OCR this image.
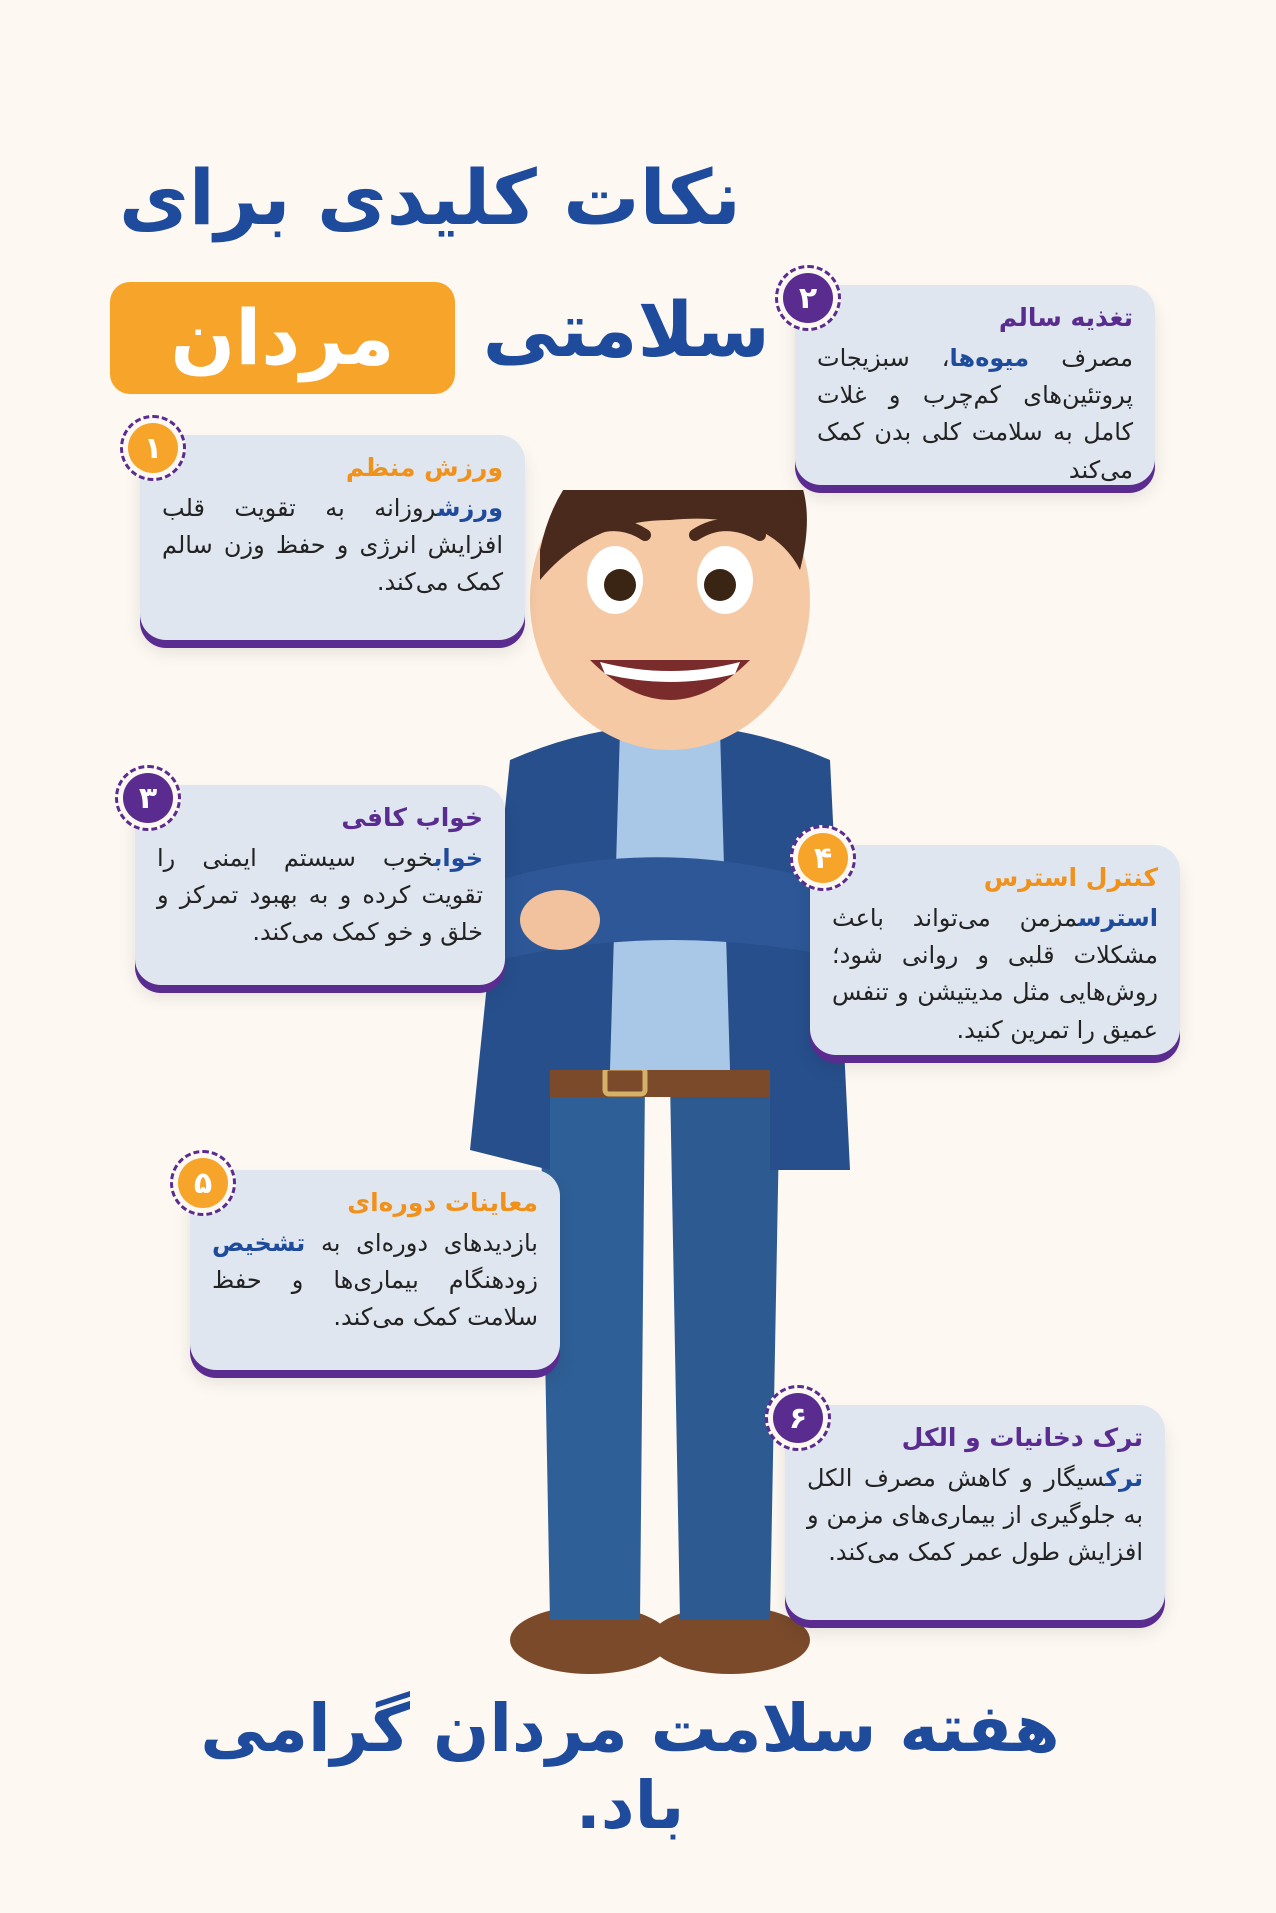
نکات کلیدی برای
سلامتی
مردان
ورزش منظم
ورزشروزانه به تقویت قلب افزایش انرژی و حفظ وزن سالم کمک می‌کند.
۱
تغذیه سالم
مصرف میوه‌ها، سبزیجات پروتئین‌های کم‌چرب و غلات کامل به سلامت کلی بدن کمک می‌کند
۲
خواب کافی
خوابخوب سیستم ایمنی را تقویت کرده و به بهبود تمرکز و خلق و خو کمک می‌کند.
۳
کنترل استرس
استرسمزمن می‌تواند باعث مشکلات قلبی و روانی شود؛ روش‌هایی مثل مدیتیشن و تنفس عمیق را تمرین کنید.
۴
معاینات دوره‌ای
بازدیدهای دوره‌ای به تشخیص زودهنگام بیماری‌ها و حفظ سلامت کمک می‌کند.
۵
ترک دخانیات و الکل
ترکسیگار و کاهش مصرف الکل به جلوگیری از بیماری‌های مزمن و افزایش طول عمر کمک می‌کند.
۶
هفته سلامت مردان گرامی باد.
